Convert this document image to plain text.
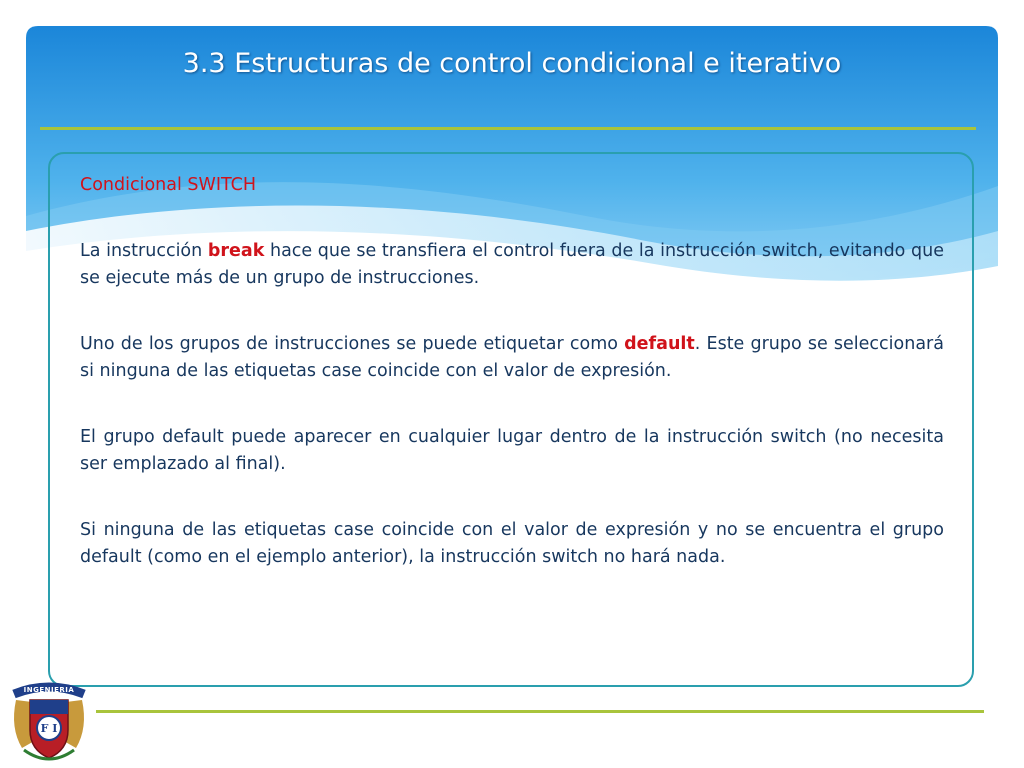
3.3 Estructuras de control condicional e iterativo

Condicional SWITCH

La instrucción break hace que se transfiera el control fuera de la instrucción switch, evitando que se ejecute más de un grupo de instrucciones.

Uno de los grupos de instrucciones se puede etiquetar como default. Este grupo se seleccionará si ninguna de las etiquetas case coincide con el valor de expresión.

El grupo default puede aparecer en cualquier lugar dentro de la instrucción switch (no necesita ser emplazado al final).

Si ninguna de las etiquetas case coincide con el valor de expresión y no se encuentra el grupo default (como en el ejemplo anterior), la instrucción switch no hará nada.

INGENIERIA
F I
